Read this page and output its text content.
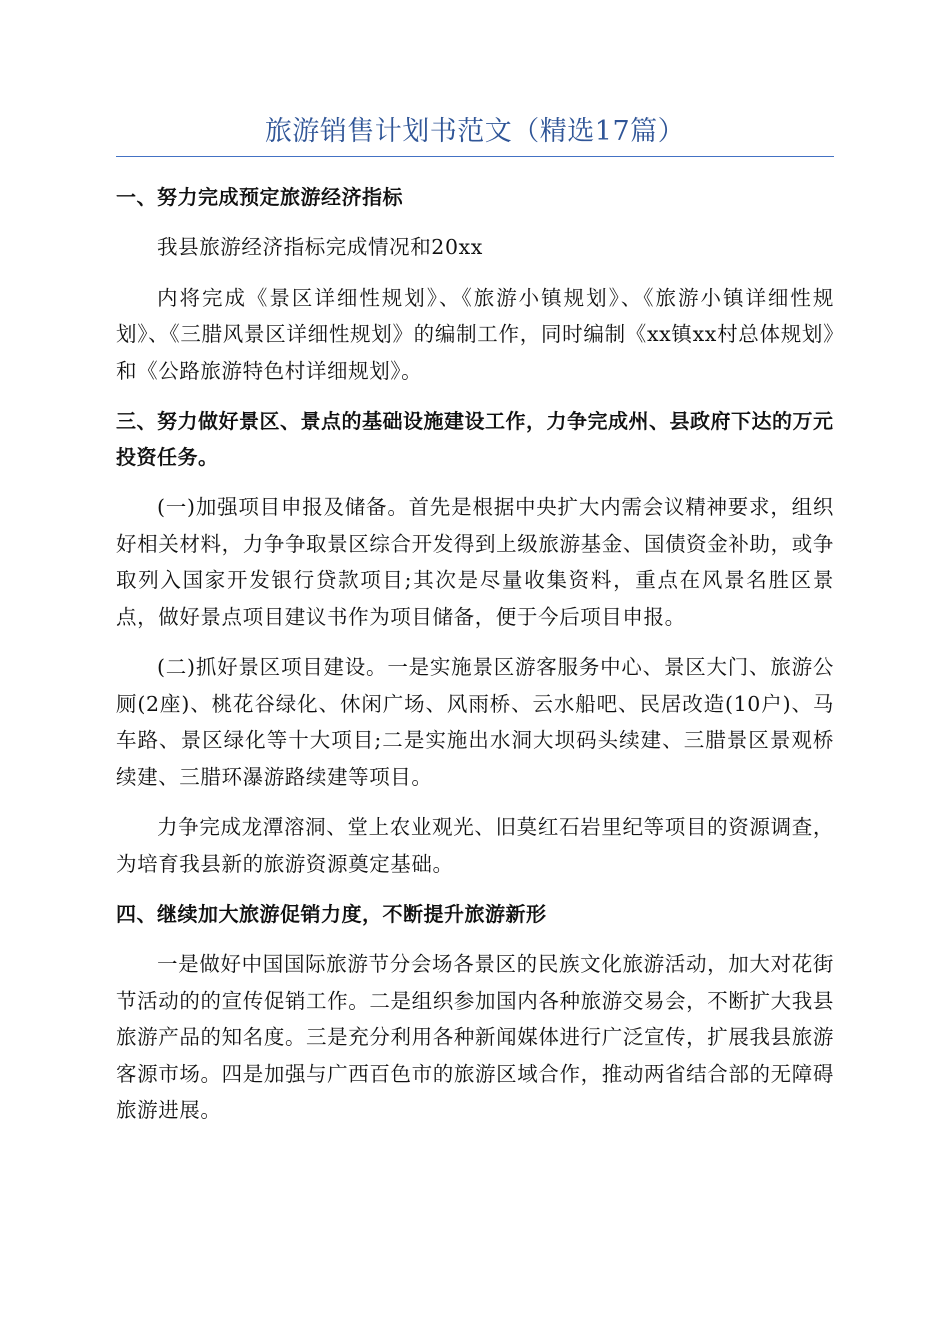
旅游销售计划书范文（精选17篇）
一、努力完成预定旅游经济指标
我县旅游经济指标完成情况和20xx
内将完成《景区详细性规划》、《旅游小镇规划》、《旅游小镇详细性规划》、《三腊风景区详细性规划》的编制工作，同时编制《xx镇xx村总体规划》和《公路旅游特色村详细规划》。
三、努力做好景区、景点的基础设施建设工作，力争完成州、县政府下达的万元投资任务。
(一)加强项目申报及储备。首先是根据中央扩大内需会议精神要求，组织好相关材料，力争争取景区综合开发得到上级旅游基金、国债资金补助，或争取列入国家开发银行贷款项目;其次是尽量收集资料，重点在风景名胜区景点，做好景点项目建议书作为项目储备，便于今后项目申报。
(二)抓好景区项目建设。一是实施景区游客服务中心、景区大门、旅游公厕(2座)、桃花谷绿化、休闲广场、风雨桥、云水船吧、民居改造(10户)、马车路、景区绿化等十大项目;二是实施出水洞大坝码头续建、三腊景区景观桥续建、三腊环瀑游路续建等项目。
力争完成龙潭溶洞、堂上农业观光、旧莫红石岩里纪等项目的资源调查，为培育我县新的旅游资源奠定基础。
四、继续加大旅游促销力度，不断提升旅游新形
一是做好中国国际旅游节分会场各景区的民族文化旅游活动，加大对花街节活动的的宣传促销工作。二是组织参加国内各种旅游交易会，不断扩大我县旅游产品的知名度。三是充分利用各种新闻媒体进行广泛宣传，扩展我县旅游客源市场。四是加强与广西百色市的旅游区域合作，推动两省结合部的无障碍旅游进展。
